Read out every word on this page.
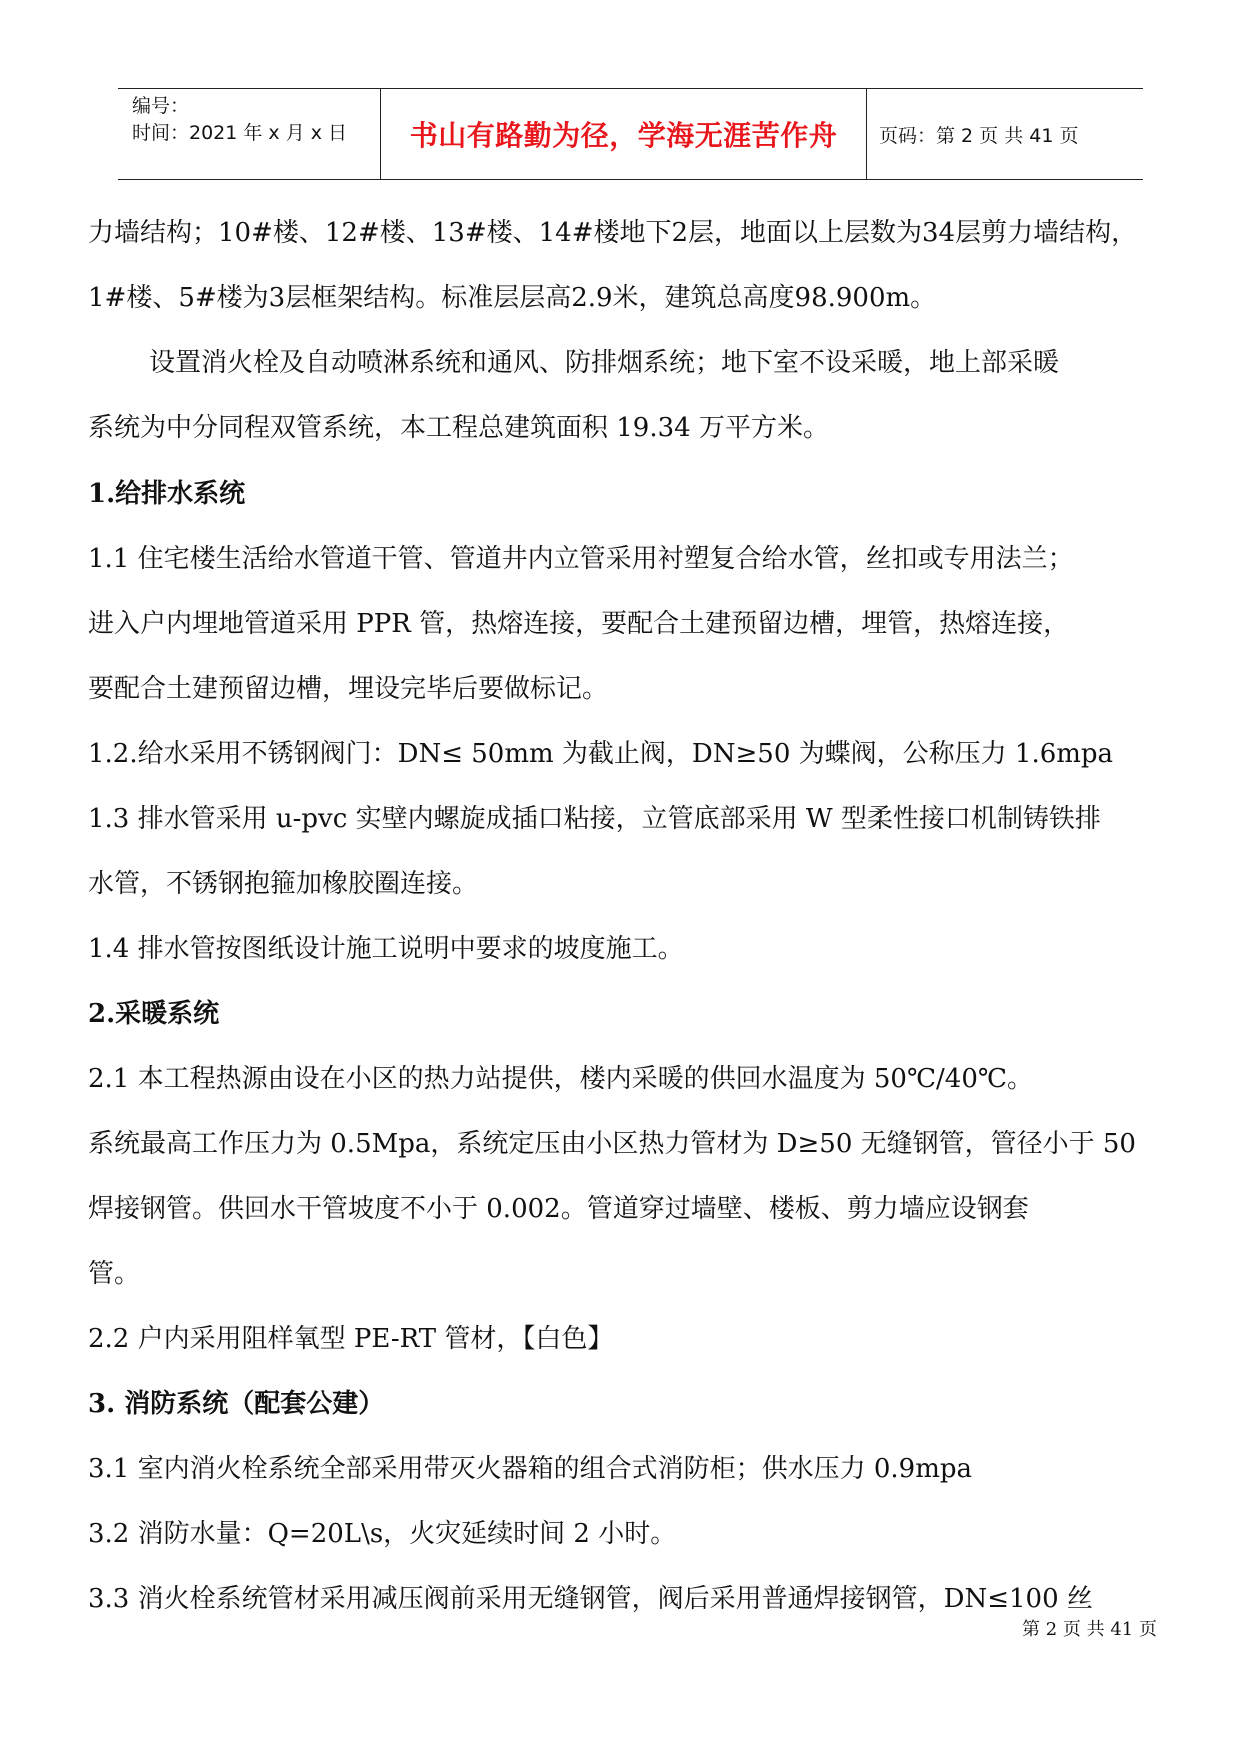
编号：
时间：2021 年 x 月 x 日	书山有路勤为径，学海无涯苦作舟	页码：第 2 页 共 41 页
力墙结构；10#楼、12#楼、13#楼、14#楼地下2层，地面以上层数为34层剪力墙结构，
1#楼、5#楼为3层框架结构。标准层层高2.9米，建筑总高度98.900m。
设置消火栓及自动喷淋系统和通风、防排烟系统；地下室不设采暖，地上部采暖
系统为中分同程双管系统，本工程总建筑面积 19.34 万平方米。
1.给排水系统
1.1 住宅楼生活给水管道干管、管道井内立管采用衬塑复合给水管，丝扣或专用法兰；
进入户内埋地管道采用 PPR 管，热熔连接，要配合土建预留边槽，埋管，热熔连接，
要配合土建预留边槽，埋设完毕后要做标记。
1.2.给水采用不锈钢阀门：DN≤ 50mm 为截止阀，DN≥50 为蝶阀，公称压力 1.6mpa
1.3 排水管采用 u-pvc 实壁内螺旋成插口粘接，立管底部采用 W 型柔性接口机制铸铁排
水管，不锈钢抱箍加橡胶圈连接。
1.4 排水管按图纸设计施工说明中要求的坡度施工。
2.采暖系统
2.1 本工程热源由设在小区的热力站提供，楼内采暖的供回水温度为 50℃/40℃。
系统最高工作压力为 0.5Mpa，系统定压由小区热力管材为 D≥50 无缝钢管，管径小于 50
焊接钢管。供回水干管坡度不小于 0.002。管道穿过墙壁、楼板、剪力墙应设钢套
管。
2.2 户内采用阻样氧型 PE-RT 管材，【白色】
3. 消防系统（配套公建）
3.1 室内消火栓系统全部采用带灭火器箱的组合式消防柜；供水压力 0.9mpa
3.2 消防水量：Q=20L\s，火灾延续时间 2 小时。
3.3 消火栓系统管材采用减压阀前采用无缝钢管，阀后采用普通焊接钢管，DN≤100 丝
第 2 页 共 41 页
